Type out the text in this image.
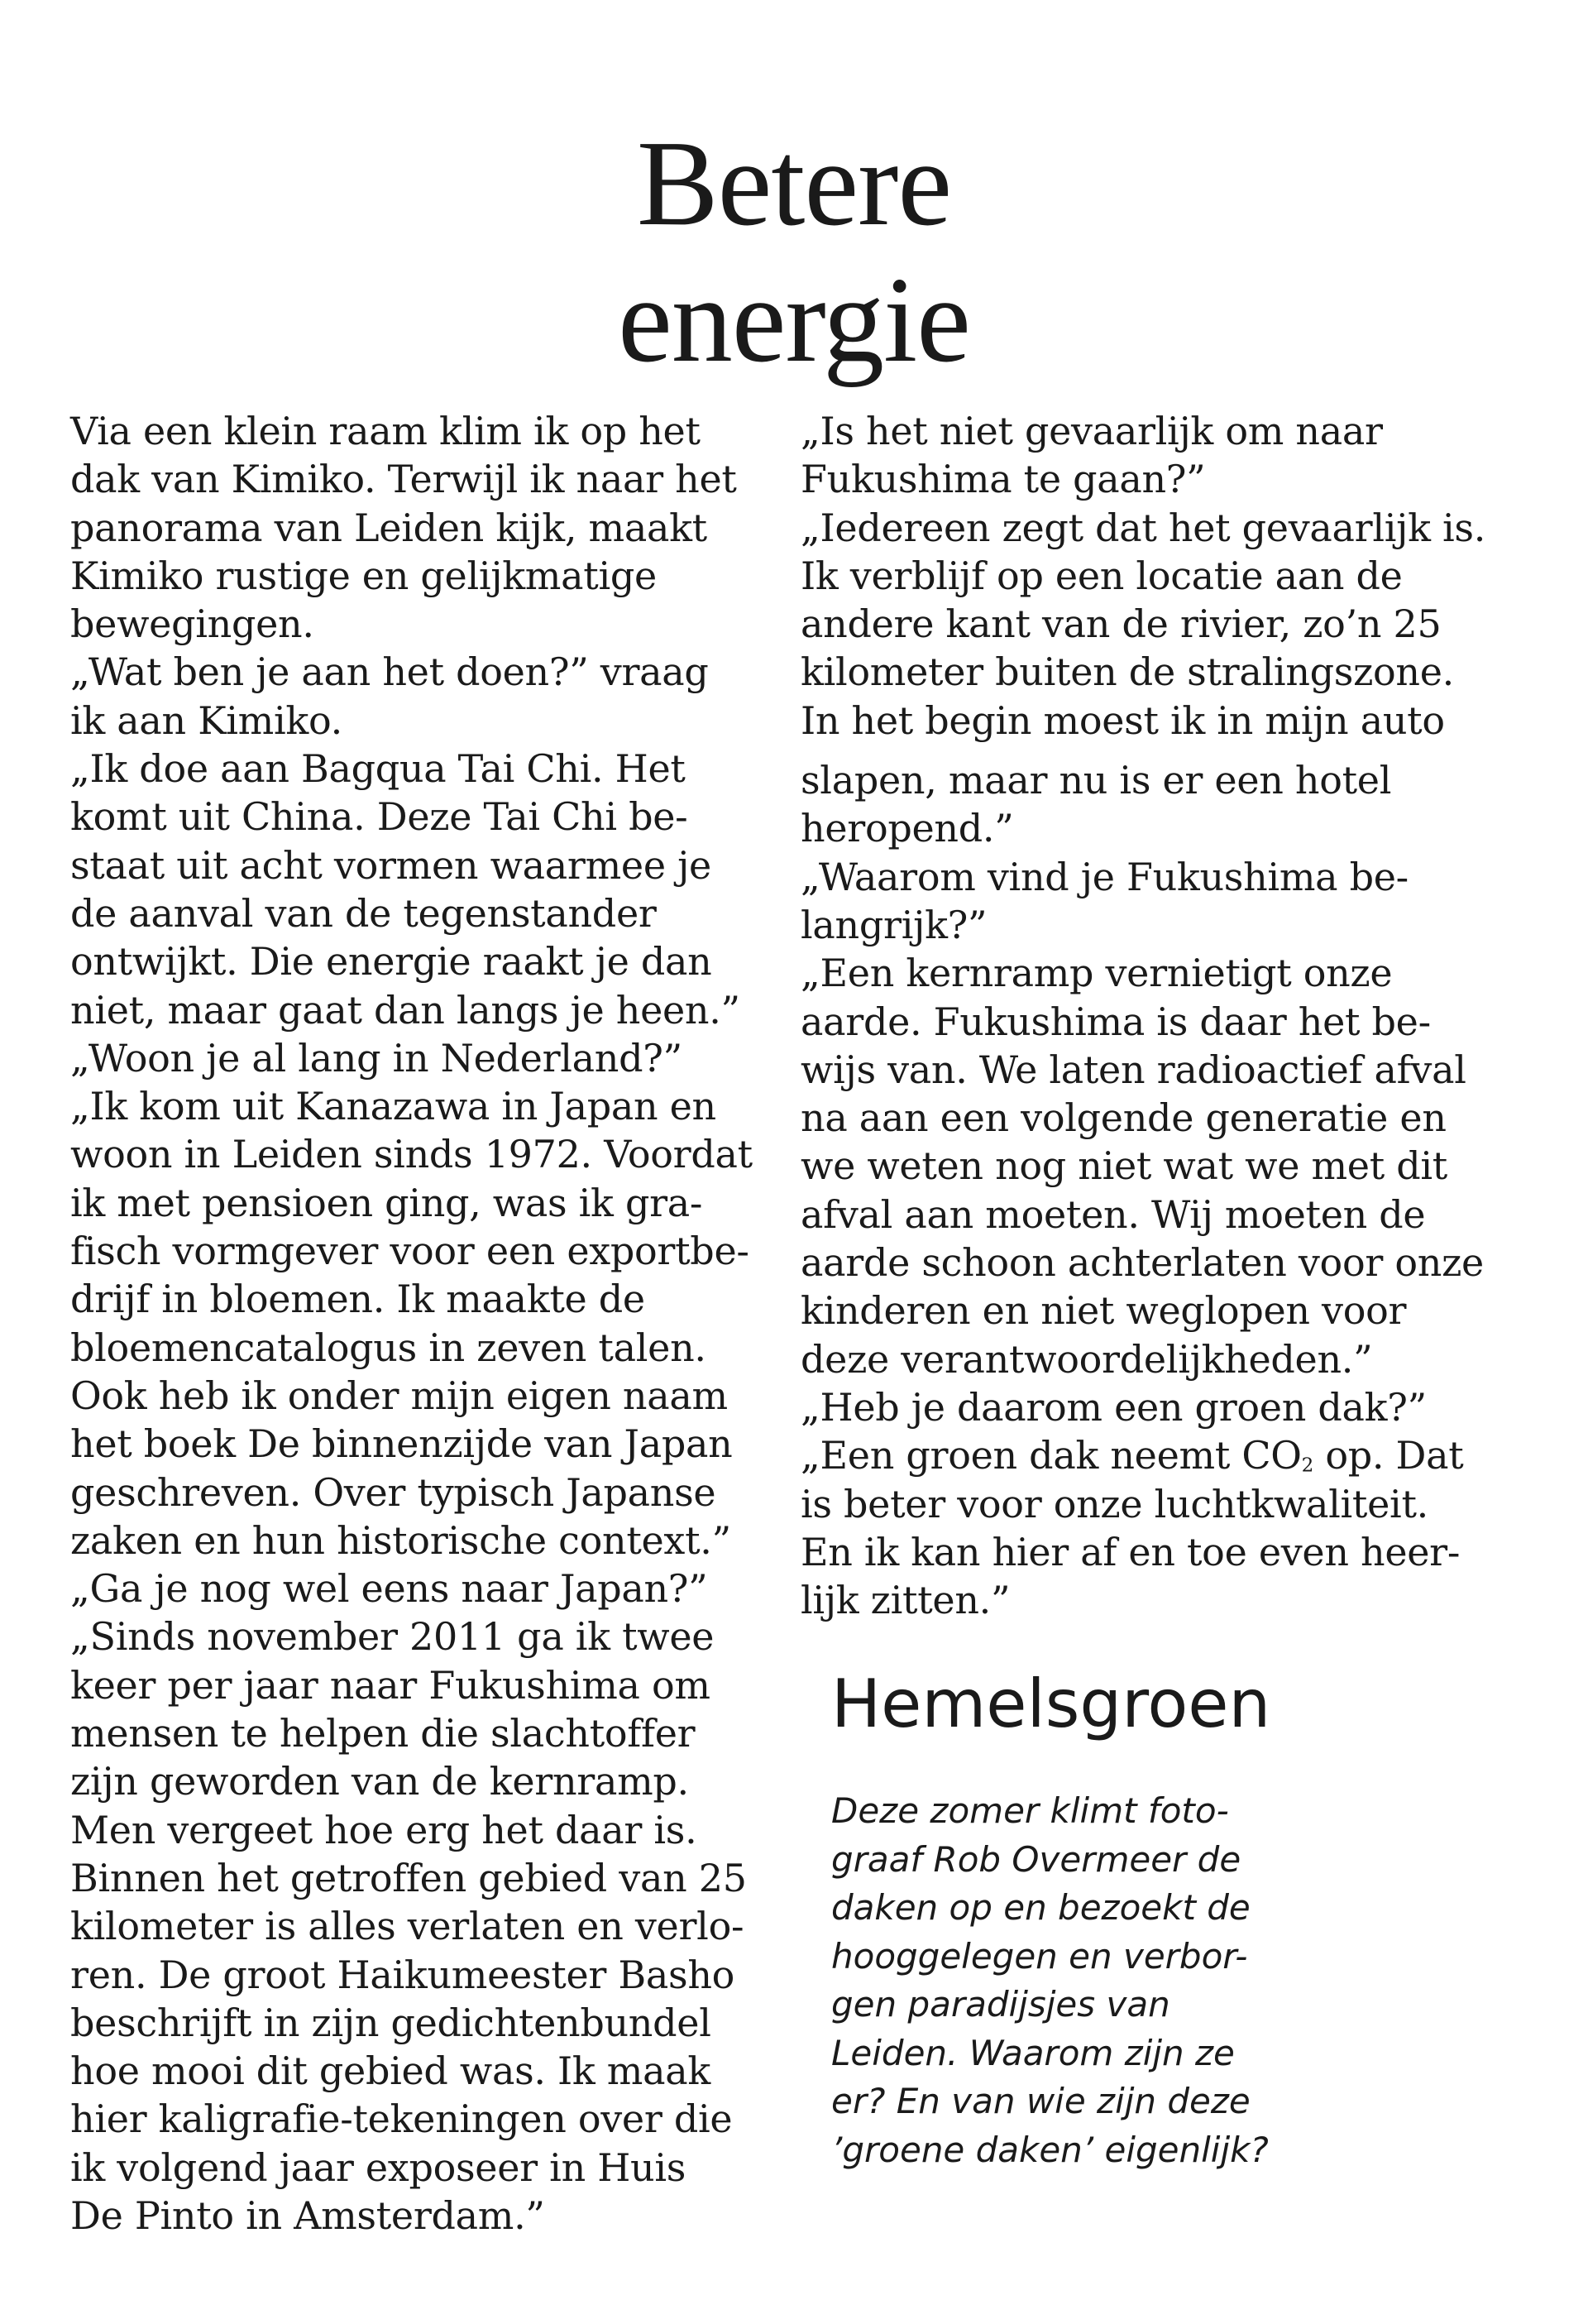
Betere
energie
Via een klein raam klim ik op het
dak van Kimiko. Terwijl ik naar het
panorama van Leiden kijk, maakt
Kimiko rustige en gelijkmatige
bewegingen.
„Wat ben je aan het doen?” vraag
ik aan Kimiko.
„Ik doe aan Bagqua Tai Chi. Het
komt uit China. Deze Tai Chi be-
staat uit acht vormen waarmee je
de aanval van de tegenstander
ontwijkt. Die energie raakt je dan
niet, maar gaat dan langs je heen.”
„Woon je al lang in Nederland?”
„Ik kom uit Kanazawa in Japan en
woon in Leiden sinds 1972. Voordat
ik met pensioen ging, was ik gra-
fisch vormgever voor een exportbe-
drijf in bloemen. Ik maakte de
bloemencatalogus in zeven talen.
Ook heb ik onder mijn eigen naam
het boek De binnenzijde van Japan
geschreven. Over typisch Japanse
zaken en hun historische context.”
„Ga je nog wel eens naar Japan?”
„Sinds november 2011 ga ik twee
keer per jaar naar Fukushima om
mensen te helpen die slachtoffer
zijn geworden van de kernramp.
Men vergeet hoe erg het daar is.
Binnen het getroffen gebied van 25
kilometer is alles verlaten en verlo-
ren. De groot Haikumeester Basho
beschrijft in zijn gedichtenbundel
hoe mooi dit gebied was. Ik maak
hier kaligrafie-tekeningen over die
ik volgend jaar exposeer in Huis
De Pinto in Amsterdam.”
„Is het niet gevaarlijk om naar
Fukushima te gaan?”
„Iedereen zegt dat het gevaarlijk is.
Ik verblijf op een locatie aan de
andere kant van de rivier, zo’n 25
kilometer buiten de stralingszone.
In het begin moest ik in mijn auto
slapen, maar nu is er een hotel
heropend.”
„Waarom vind je Fukushima be-
langrijk?”
„Een kernramp vernietigt onze
aarde. Fukushima is daar het be-
wijs van. We laten radioactief afval
na aan een volgende generatie en
we weten nog niet wat we met dit
afval aan moeten. Wij moeten de
aarde schoon achterlaten voor onze
kinderen en niet weglopen voor
deze verantwoordelijkheden.”
„Heb je daarom een groen dak?”
„Een groen dak neemt $CO_2$ op. Dat
is beter voor onze luchtkwaliteit.
En ik kan hier af en toe even heer-
lijk zitten.”
Hemelsgroen
Deze zomer klimt foto-
graaf Rob Overmeer de
daken op en bezoekt de
hooggelegen en verbor-
gen paradijsjes van
Leiden. Waarom zijn ze
er? En van wie zijn deze
’groene daken’ eigenlijk?
